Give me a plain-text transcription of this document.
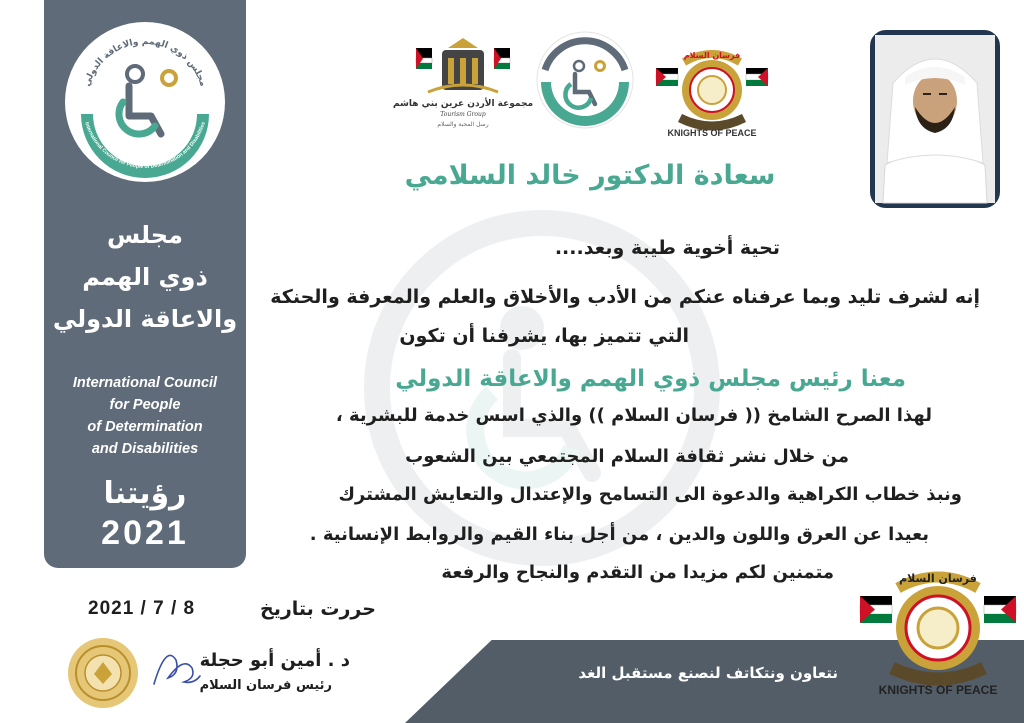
مجلس ذوي الهمم والاعاقة الدولي
International Council for People of Determination and Disabilities
مجلس
ذوي الهمم
والاعاقة الدولي
International Council
for People
of Determination
and Disabilities
رؤيتنا
2021
مجموعة الأردن عرين بني هاشم
Tourism Group
رسل المحبة والسلام
فرسان السلام
KNIGHTS OF PEACE
سعادة الدكتور خالد السلامي
تحية أخوية طيبة وبعد....
إنه لشرف تليد وبما عرفناه عنكم من الأدب والأخلاق والعلم والمعرفة والحنكة
التي تتميز بها، يشرفنا أن تكون
معنا رئيس مجلس ذوي الهمم والاعاقة الدولي
لهذا الصرح الشامخ (( فرسان السلام )) والذي اسس خدمة للبشرية ،
من خلال نشر ثقافة السلام المجتمعي بين الشعوب
ونبذ خطاب الكراهية والدعوة الى التسامح والإعتدال والتعايش المشترك
بعيدا عن العرق واللون والدين ، من أجل بناء القيم والروابط الإنسانية .
متمنين لكم مزيدا من التقدم والنجاح والرفعة
حررت بتاريخ
2021 / 7 / 8
د . أمين أبو حجلة
رئيس فرسان السلام
نتعاون ونتكاتف لنصنع مستقبل الغد
فرسان السلام
KNIGHTS OF PEACE
